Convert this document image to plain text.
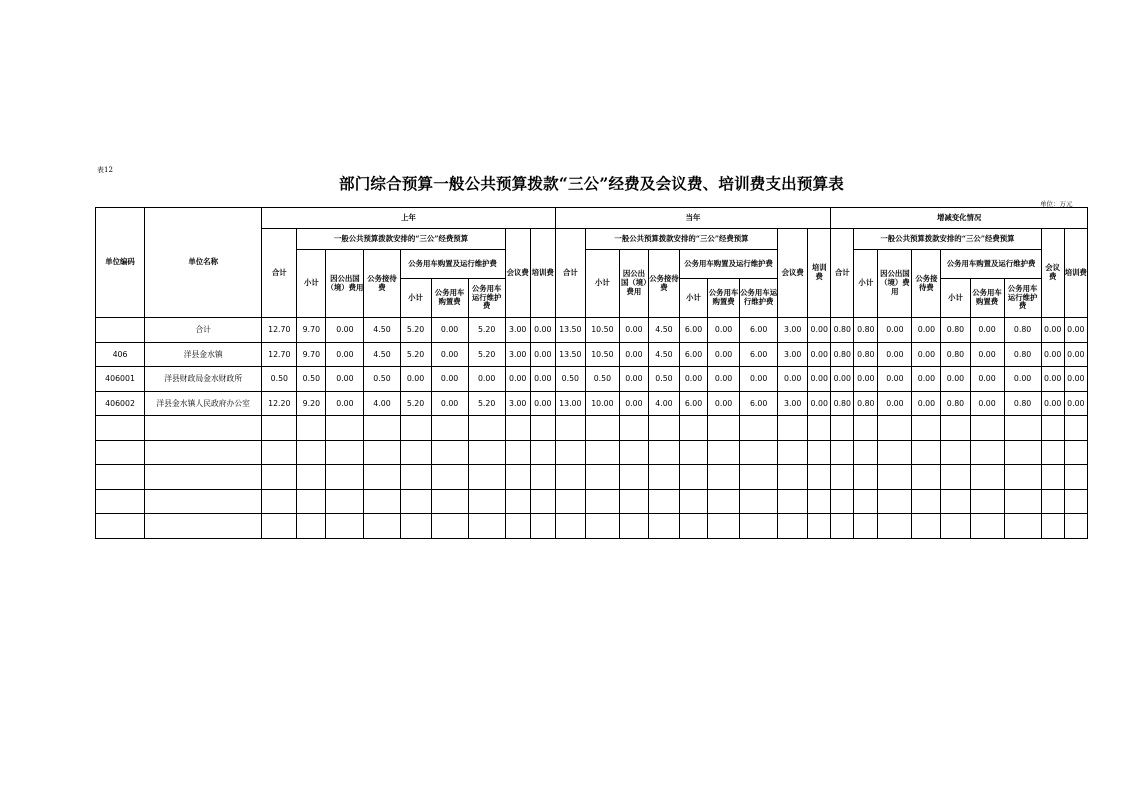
表12
部门综合预算一般公共预算拨款“三公”经费及会议费、培训费支出预算表
单位：万元
单位编码	单位名称	上年									当年									增减变化情况								
		合计	一般公共预算拨款安排的“三公”经费预算						会议费	培训费	合计	一般公共预算拨款安排的“三公”经费预算						会议费	培训费	合计	一般公共预算拨款安排的“三公”经费预算						会议费	培训费
			小计	因公出国（境）费用	公务接待费	公务用车购置及运行维护费						小计	因公出国（境）费用	公务接待费	公务用车购置及运行维护费						小计	因公出国（境）费用	公务接待费	公务用车购置及运行维护费				
						小计	公务用车购置费	公务用车运行维护费							小计	公务用车购置费	公务用车运行维护费							小计	公务用车购置费	公务用车运行维护费		
	合计	12.70	9.70	0.00	4.50	5.20	0.00	5.20	3.00	0.00	13.50	10.50	0.00	4.50	6.00	0.00	6.00	3.00	0.00	0.80	0.80	0.00	0.00	0.80	0.00	0.80	0.00	0.00
406	洋县金水镇	12.70	9.70	0.00	4.50	5.20	0.00	5.20	3.00	0.00	13.50	10.50	0.00	4.50	6.00	0.00	6.00	3.00	0.00	0.80	0.80	0.00	0.00	0.80	0.00	0.80	0.00	0.00
406001	洋县财政局金水财政所	0.50	0.50	0.00	0.50	0.00	0.00	0.00	0.00	0.00	0.50	0.50	0.00	0.50	0.00	0.00	0.00	0.00	0.00	0.00	0.00	0.00	0.00	0.00	0.00	0.00	0.00	0.00
406002	洋县金水镇人民政府办公室	12.20	9.20	0.00	4.00	5.20	0.00	5.20	3.00	0.00	13.00	10.00	0.00	4.00	6.00	0.00	6.00	3.00	0.00	0.80	0.80	0.00	0.00	0.80	0.00	0.80	0.00	0.00
